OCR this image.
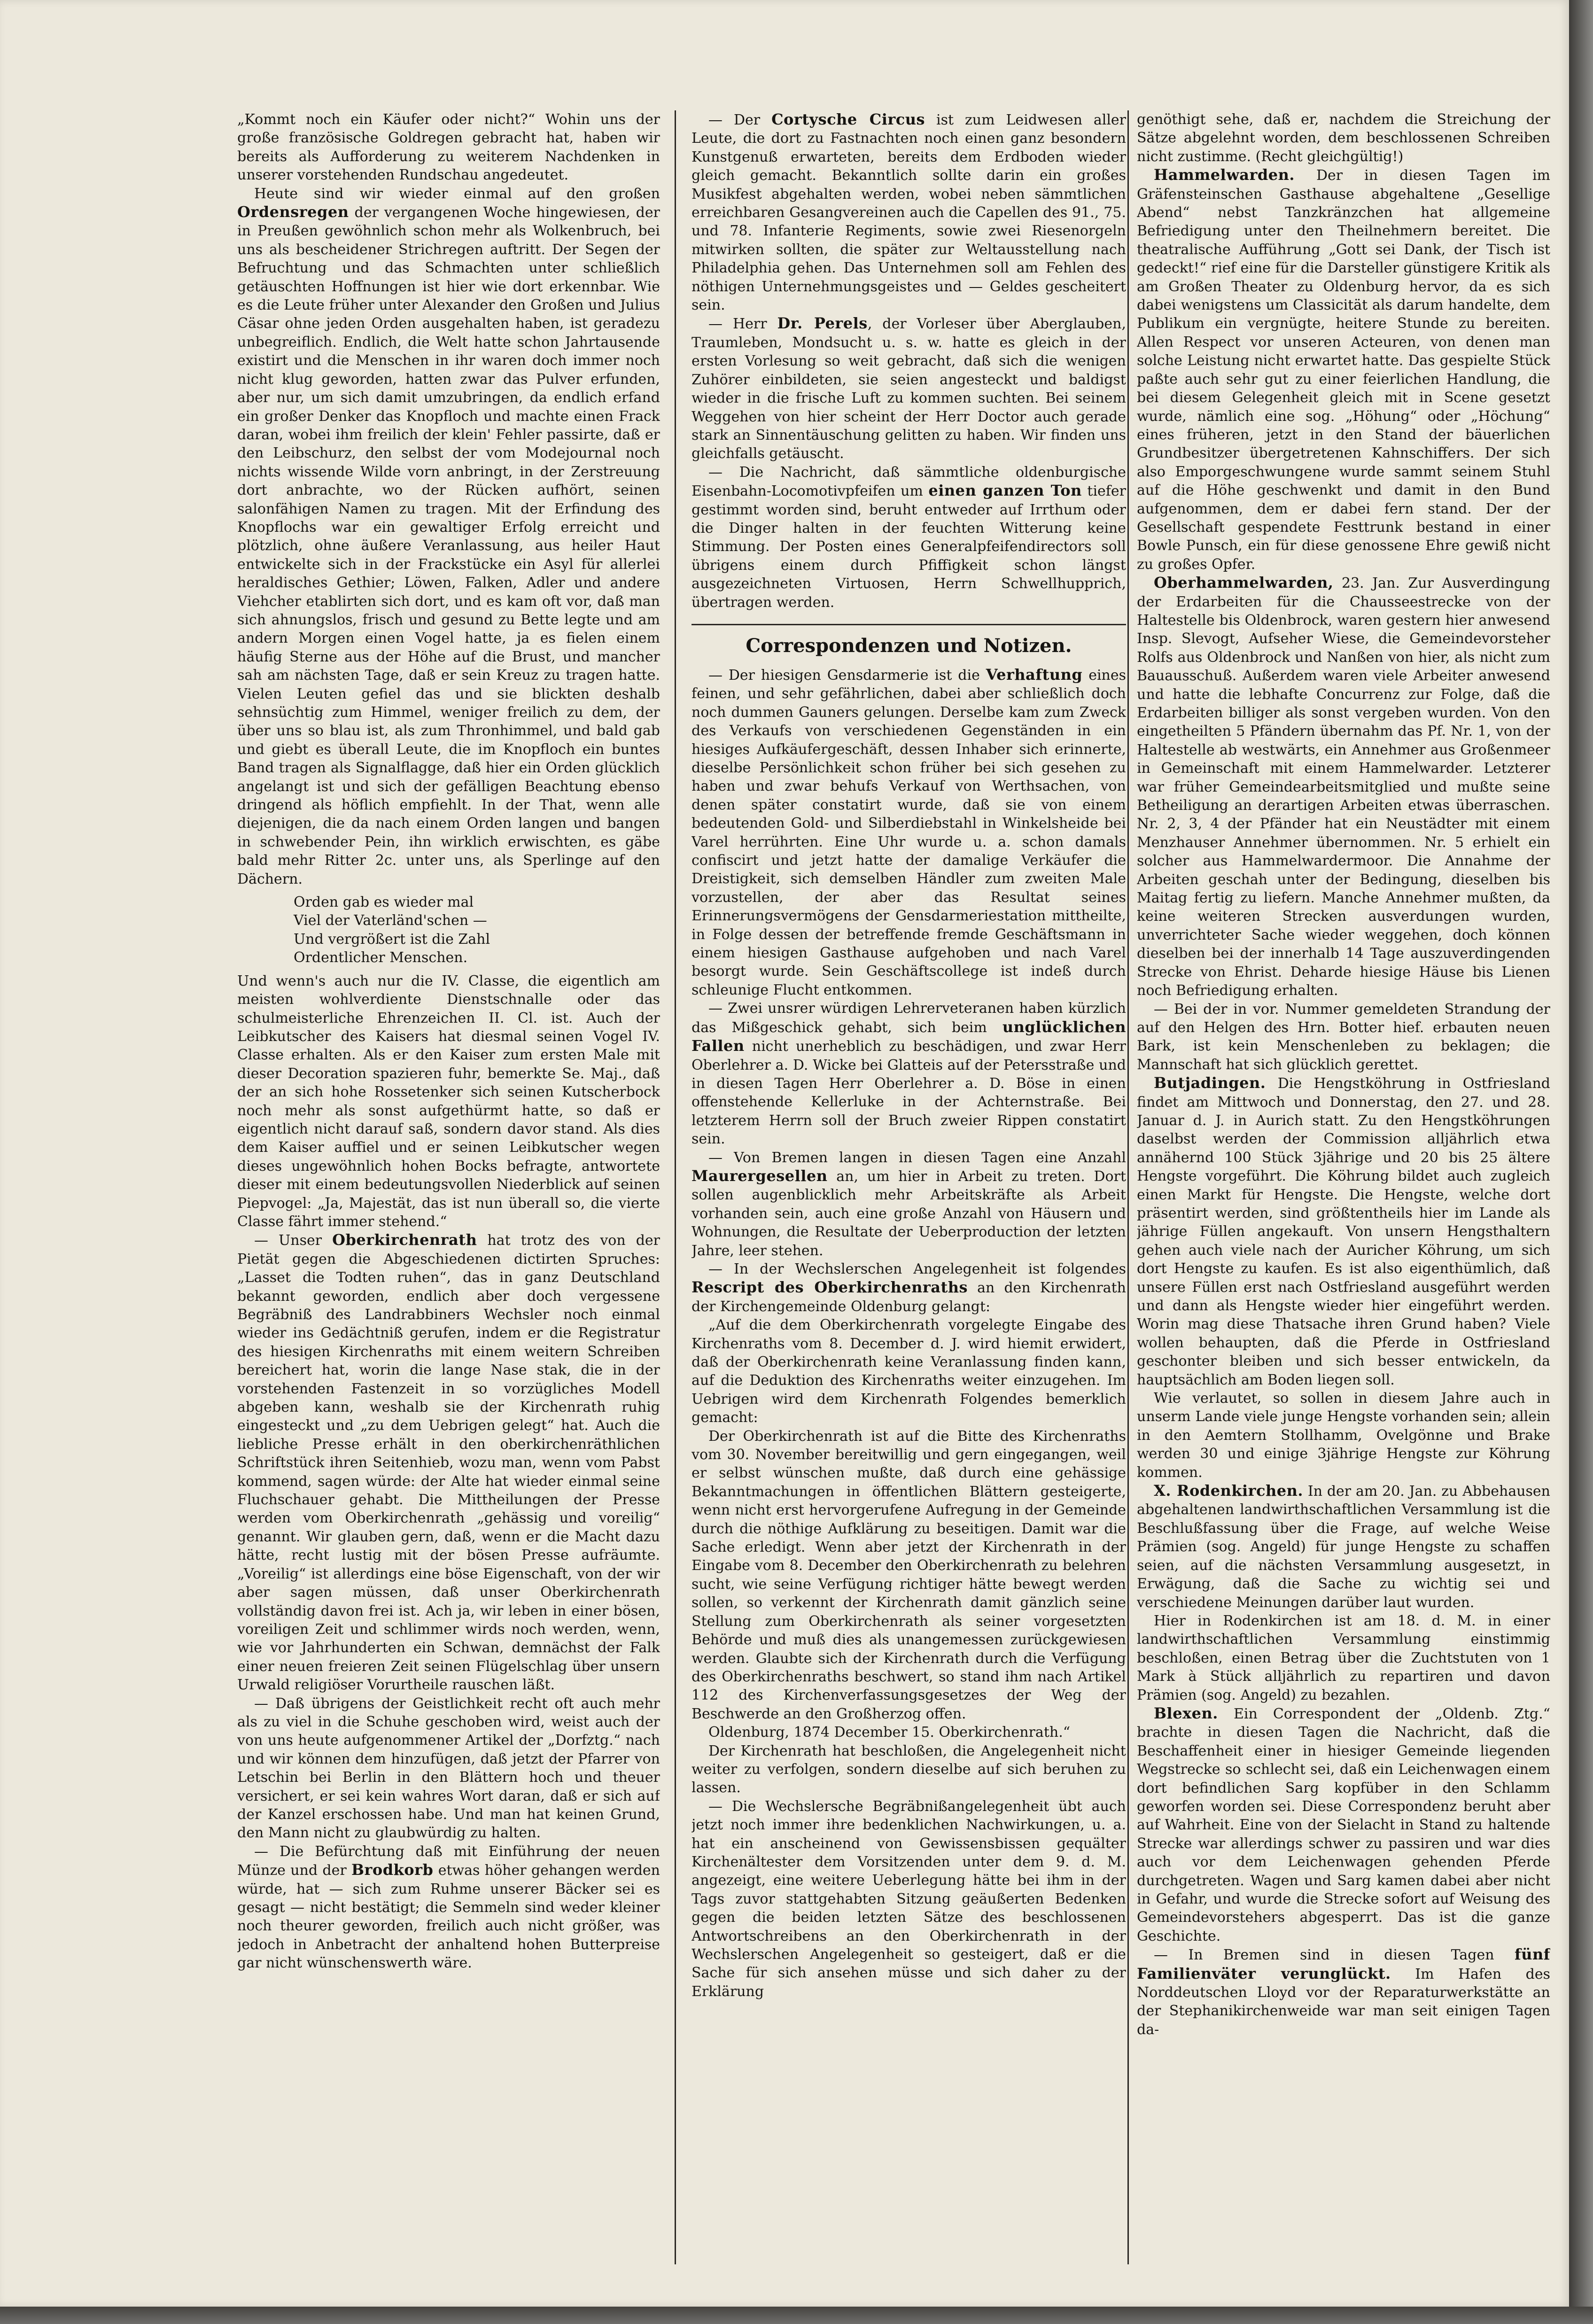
„Kommt noch ein Käufer oder nicht?“ Wohin uns der große französische Goldregen gebracht hat, haben wir bereits als Aufforderung zu weiterem Nachdenken in unserer vorstehenden Rundschau angedeutet.

Heute sind wir wieder einmal auf den großen Ordensregen der vergangenen Woche hingewiesen, der in Preußen gewöhnlich schon mehr als Wolkenbruch, bei uns als bescheidener Strichregen auftritt. Der Segen der Befruchtung und das Schmachten unter schließlich getäuschten Hoffnungen ist hier wie dort erkennbar. Wie es die Leute früher unter Alexander den Großen und Julius Cäsar ohne jeden Orden ausgehalten haben, ist geradezu unbegreiflich. Endlich, die Welt hatte schon Jahrtausende existirt und die Menschen in ihr waren doch immer noch nicht klug geworden, hatten zwar das Pulver erfunden, aber nur, um sich damit umzubringen, da endlich erfand ein großer Denker das Knopfloch und machte einen Frack daran, wobei ihm freilich der klein' Fehler passirte, daß er den Leibschurz, den selbst der vom Modejournal noch nichts wissende Wilde vorn anbringt, in der Zerstreuung dort anbrachte, wo der Rücken aufhört, seinen salonfähigen Namen zu tragen. Mit der Erfindung des Knopflochs war ein gewaltiger Erfolg erreicht und plötzlich, ohne äußere Veranlassung, aus heiler Haut entwickelte sich in der Frackstücke ein Asyl für allerlei heraldisches Gethier; Löwen, Falken, Adler und andere Viehcher etablirten sich dort, und es kam oft vor, daß man sich ahnungslos, frisch und gesund zu Bette legte und am andern Morgen einen Vogel hatte, ja es fielen einem häufig Sterne aus der Höhe auf die Brust, und mancher sah am nächsten Tage, daß er sein Kreuz zu tragen hatte. Vielen Leuten gefiel das und sie blickten deshalb sehnsüchtig zum Himmel, weniger freilich zu dem, der über uns so blau ist, als zum Thronhimmel, und bald gab und giebt es überall Leute, die im Knopfloch ein buntes Band tragen als Signalflagge, daß hier ein Orden glücklich angelangt ist und sich der gefälligen Beachtung ebenso dringend als höflich empfiehlt. In der That, wenn alle diejenigen, die da nach einem Orden langen und bangen in schwebender Pein, ihn wirklich erwischten, es gäbe bald mehr Ritter 2c. unter uns, als Sperlinge auf den Dächern.

Orden gab es wieder mal
Viel der Vaterländ'schen —
Und vergrößert ist die Zahl
Ordentlicher Menschen.

Und wenn's auch nur die IV. Classe, die eigentlich am meisten wohlverdiente Dienstschnalle oder das schulmeisterliche Ehrenzeichen II. Cl. ist. Auch der Leibkutscher des Kaisers hat diesmal seinen Vogel IV. Classe erhalten. Als er den Kaiser zum ersten Male mit dieser Decoration spazieren fuhr, bemerkte Se. Maj., daß der an sich hohe Rossetenker sich seinen Kutscherbock noch mehr als sonst aufgethürmt hatte, so daß er eigentlich nicht darauf saß, sondern davor stand. Als dies dem Kaiser auffiel und er seinen Leibkutscher wegen dieses ungewöhnlich hohen Bocks befragte, antwortete dieser mit einem bedeutungsvollen Niederblick auf seinen Piepvogel: „Ja, Majestät, das ist nun überall so, die vierte Classe fährt immer stehend.“

— Unser Oberkirchenrath hat trotz des von der Pietät gegen die Abgeschiedenen dictirten Spruches: „Lasset die Todten ruhen“, das in ganz Deutschland bekannt geworden, endlich aber doch vergessene Begräbniß des Landrabbiners Wechsler noch einmal wieder ins Gedächtniß gerufen, indem er die Registratur des hiesigen Kirchenraths mit einem weitern Schreiben bereichert hat, worin die lange Nase stak, die in der vorstehenden Fastenzeit in so vorzügliches Modell abgeben kann, weshalb sie der Kirchenrath ruhig eingesteckt und „zu dem Uebrigen gelegt“ hat. Auch die liebliche Presse erhält in den oberkirchenräthlichen Schriftstück ihren Seitenhieb, wozu man, wenn vom Pabst kommend, sagen würde: der Alte hat wieder einmal seine Fluchschauer gehabt. Die Mittheilungen der Presse werden vom Oberkirchenrath „gehässig und voreilig“ genannt. Wir glauben gern, daß, wenn er die Macht dazu hätte, recht lustig mit der bösen Presse aufräumte. „Voreilig“ ist allerdings eine böse Eigenschaft, von der wir aber sagen müssen, daß unser Oberkirchenrath vollständig davon frei ist. Ach ja, wir leben in einer bösen, voreiligen Zeit und schlimmer wirds noch werden, wenn, wie vor Jahrhunderten ein Schwan, demnächst der Falk einer neuen freieren Zeit seinen Flügelschlag über unsern Urwald religiöser Vorurtheile rauschen läßt.

— Daß übrigens der Geistlichkeit recht oft auch mehr als zu viel in die Schuhe geschoben wird, weist auch der von uns heute aufgenommener Artikel der „Dorfztg.“ nach und wir können dem hinzufügen, daß jetzt der Pfarrer von Letschin bei Berlin in den Blättern hoch und theuer versichert, er sei kein wahres Wort daran, daß er sich auf der Kanzel erschossen habe. Und man hat keinen Grund, den Mann nicht zu glaubwürdig zu halten.

— Die Befürchtung daß mit Einführung der neuen Münze und der Brodkorb etwas höher gehangen werden würde, hat — sich zum Ruhme unserer Bäcker sei es gesagt — nicht bestätigt; die Semmeln sind weder kleiner noch theurer geworden, freilich auch nicht größer, was jedoch in Anbetracht der anhaltend hohen Butterpreise gar nicht wünschenswerth wäre.

— Der Cortysche Circus ist zum Leidwesen aller Leute, die dort zu Fastnachten noch einen ganz besondern Kunstgenuß erwarteten, bereits dem Erdboden wieder gleich gemacht. Bekanntlich sollte darin ein großes Musikfest abgehalten werden, wobei neben sämmtlichen erreichbaren Gesangvereinen auch die Capellen des 91., 75. und 78. Infanterie Regiments, sowie zwei Riesenorgeln mitwirken sollten, die später zur Weltausstellung nach Philadelphia gehen. Das Unternehmen soll am Fehlen des nöthigen Unternehmungsgeistes und — Geldes gescheitert sein.

— Herr Dr. Perels, der Vorleser über Aberglauben, Traumleben, Mondsucht u. s. w. hatte es gleich in der ersten Vorlesung so weit gebracht, daß sich die wenigen Zuhörer einbildeten, sie seien angesteckt und baldigst wieder in die frische Luft zu kommen suchten. Bei seinem Weggehen von hier scheint der Herr Doctor auch gerade stark an Sinnentäuschung gelitten zu haben. Wir finden uns gleichfalls getäuscht.

— Die Nachricht, daß sämmtliche oldenburgische Eisenbahn-Locomotivpfeifen um einen ganzen Ton tiefer gestimmt worden sind, beruht entweder auf Irrthum oder die Dinger halten in der feuchten Witterung keine Stimmung. Der Posten eines Generalpfeifendirectors soll übrigens einem durch Pfiffigkeit schon längst ausgezeichneten Virtuosen, Herrn Schwellhupprich, übertragen werden.

Correspondenzen und Notizen.

— Der hiesigen Gensdarmerie ist die Verhaftung eines feinen, und sehr gefährlichen, dabei aber schließlich doch noch dummen Gauners gelungen. Derselbe kam zum Zweck des Verkaufs von verschiedenen Gegenständen in ein hiesiges Aufkäufergeschäft, dessen Inhaber sich erinnerte, dieselbe Persönlichkeit schon früher bei sich gesehen zu haben und zwar behufs Verkauf von Werthsachen, von denen später constatirt wurde, daß sie von einem bedeutenden Gold- und Silberdiebstahl in Winkelsheide bei Varel herrührten. Eine Uhr wurde u. a. schon damals confiscirt und jetzt hatte der damalige Verkäufer die Dreistigkeit, sich demselben Händler zum zweiten Male vorzustellen, der aber das Resultat seines Erinnerungsvermögens der Gensdarmeriestation mittheilte, in Folge dessen der betreffende fremde Geschäftsmann in einem hiesigen Gasthause aufgehoben und nach Varel besorgt wurde. Sein Geschäftscollege ist indeß durch schleunige Flucht entkommen.

— Zwei unsrer würdigen Lehrerveteranen haben kürzlich das Mißgeschick gehabt, sich beim unglücklichen Fallen nicht unerheblich zu beschädigen, und zwar Herr Oberlehrer a. D. Wicke bei Glatteis auf der Petersstraße und in diesen Tagen Herr Oberlehrer a. D. Böse in einen offenstehende Kellerluke in der Achternstraße. Bei letzterem Herrn soll der Bruch zweier Rippen constatirt sein.

— Von Bremen langen in diesen Tagen eine Anzahl Maurergesellen an, um hier in Arbeit zu treten. Dort sollen augenblicklich mehr Arbeitskräfte als Arbeit vorhanden sein, auch eine große Anzahl von Häusern und Wohnungen, die Resultate der Ueberproduction der letzten Jahre, leer stehen.

— In der Wechslerschen Angelegenheit ist folgendes Rescript des Oberkirchenraths an den Kirchenrath der Kirchengemeinde Oldenburg gelangt:

„Auf die dem Oberkirchenrath vorgelegte Eingabe des Kirchenraths vom 8. December d. J. wird hiemit erwidert, daß der Oberkirchenrath keine Veranlassung finden kann, auf die Deduktion des Kirchenraths weiter einzugehen. Im Uebrigen wird dem Kirchenrath Folgendes bemerklich gemacht:

Der Oberkirchenrath ist auf die Bitte des Kirchenraths vom 30. November bereitwillig und gern eingegangen, weil er selbst wünschen mußte, daß durch eine gehässige Bekanntmachungen in öffentlichen Blättern gesteigerte, wenn nicht erst hervorgerufene Aufregung in der Gemeinde durch die nöthige Aufklärung zu beseitigen. Damit war die Sache erledigt. Wenn aber jetzt der Kirchenrath in der Eingabe vom 8. December den Oberkirchenrath zu belehren sucht, wie seine Verfügung richtiger hätte bewegt werden sollen, so verkennt der Kirchenrath damit gänzlich seine Stellung zum Oberkirchenrath als seiner vorgesetzten Behörde und muß dies als unangemessen zurückgewiesen werden. Glaubte sich der Kirchenrath durch die Verfügung des Oberkirchenraths beschwert, so stand ihm nach Artikel 112 des Kirchenverfassungsgesetzes der Weg der Beschwerde an den Großherzog offen.

Oldenburg, 1874 December 15. Oberkirchenrath.“

Der Kirchenrath hat beschloßen, die Angelegenheit nicht weiter zu verfolgen, sondern dieselbe auf sich beruhen zu lassen.

— Die Wechslersche Begräbnißangelegenheit übt auch jetzt noch immer ihre bedenklichen Nachwirkungen, u. a. hat ein anscheinend von Gewissensbissen gequälter Kirchenältester dem Vorsitzenden unter dem 9. d. M. angezeigt, eine weitere Ueberlegung hätte bei ihm in der Tags zuvor stattgehabten Sitzung geäußerten Bedenken gegen die beiden letzten Sätze des beschlossenen Antwortschreibens an den Oberkirchenrath in der Wechslerschen Angelegenheit so gesteigert, daß er die Sache für sich ansehen müsse und sich daher zu der Erklärung

genöthigt sehe, daß er, nachdem die Streichung der Sätze abgelehnt worden, dem beschlossenen Schreiben nicht zustimme. (Recht gleichgültig!)

Hammelwarden. Der in diesen Tagen im Gräfensteinschen Gasthause abgehaltene „Gesellige Abend“ nebst Tanzkränzchen hat allgemeine Befriedigung unter den Theilnehmern bereitet. Die theatralische Aufführung „Gott sei Dank, der Tisch ist gedeckt!“ rief eine für die Darsteller günstigere Kritik als am Großen Theater zu Oldenburg hervor, da es sich dabei wenigstens um Classicität als darum handelte, dem Publikum ein vergnügte, heitere Stunde zu bereiten. Allen Respect vor unseren Acteuren, von denen man solche Leistung nicht erwartet hatte. Das gespielte Stück paßte auch sehr gut zu einer feierlichen Handlung, die bei diesem Gelegenheit gleich mit in Scene gesetzt wurde, nämlich eine sog. „Höhung“ oder „Höchung“ eines früheren, jetzt in den Stand der bäuerlichen Grundbesitzer übergetretenen Kahnschiffers. Der sich also Emporgeschwungene wurde sammt seinem Stuhl auf die Höhe geschwenkt und damit in den Bund aufgenommen, dem er dabei fern stand. Der der Gesellschaft gespendete Festtrunk bestand in einer Bowle Punsch, ein für diese genossene Ehre gewiß nicht zu großes Opfer.

Oberhammelwarden, 23. Jan. Zur Ausverdingung der Erdarbeiten für die Chausseestrecke von der Haltestelle bis Oldenbrock, waren gestern hier anwesend Insp. Slevogt, Aufseher Wiese, die Gemeindevorsteher Rolfs aus Oldenbrock und Nanßen von hier, als nicht zum Bauausschuß. Außerdem waren viele Arbeiter anwesend und hatte die lebhafte Concurrenz zur Folge, daß die Erdarbeiten billiger als sonst vergeben wurden. Von den eingetheilten 5 Pfändern übernahm das Pf. Nr. 1, von der Haltestelle ab westwärts, ein Annehmer aus Großenmeer in Gemeinschaft mit einem Hammelwarder. Letzterer war früher Gemeindearbeitsmitglied und mußte seine Betheiligung an derartigen Arbeiten etwas überraschen. Nr. 2, 3, 4 der Pfänder hat ein Neustädter mit einem Menzhauser Annehmer übernommen. Nr. 5 erhielt ein solcher aus Hammelwardermoor. Die Annahme der Arbeiten geschah unter der Bedingung, dieselben bis Maitag fertig zu liefern. Manche Annehmer mußten, da keine weiteren Strecken ausverdungen wurden, unverrichteter Sache wieder weggehen, doch können dieselben bei der innerhalb 14 Tage auszuverdingenden Strecke von Ehrist. Deharde hiesige Häuse bis Lienen noch Befriedigung erhalten.

— Bei der in vor. Nummer gemeldeten Strandung der auf den Helgen des Hrn. Botter hief. erbauten neuen Bark, ist kein Menschenleben zu beklagen; die Mannschaft hat sich glücklich gerettet.

Butjadingen. Die Hengstköhrung in Ostfriesland findet am Mittwoch und Donnerstag, den 27. und 28. Januar d. J. in Aurich statt. Zu den Hengstköhrungen daselbst werden der Commission alljährlich etwa annähernd 100 Stück 3jährige und 20 bis 25 ältere Hengste vorgeführt. Die Köhrung bildet auch zugleich einen Markt für Hengste. Die Hengste, welche dort präsentirt werden, sind größtentheils hier im Lande als jährige Füllen angekauft. Von unsern Hengsthaltern gehen auch viele nach der Auricher Köhrung, um sich dort Hengste zu kaufen. Es ist also eigenthümlich, daß unsere Füllen erst nach Ostfriesland ausgeführt werden und dann als Hengste wieder hier eingeführt werden. Worin mag diese Thatsache ihren Grund haben? Viele wollen behaupten, daß die Pferde in Ostfriesland geschonter bleiben und sich besser entwickeln, da hauptsächlich am Boden liegen soll.

Wie verlautet, so sollen in diesem Jahre auch in unserm Lande viele junge Hengste vorhanden sein; allein in den Aemtern Stollhamm, Ovelgönne und Brake werden 30 und einige 3jährige Hengste zur Köhrung kommen.

X. Rodenkirchen. In der am 20. Jan. zu Abbehausen abgehaltenen landwirthschaftlichen Versammlung ist die Beschlußfassung über die Frage, auf welche Weise Prämien (sog. Angeld) für junge Hengste zu schaffen seien, auf die nächsten Versammlung ausgesetzt, in Erwägung, daß die Sache zu wichtig sei und verschiedene Meinungen darüber laut wurden.

Hier in Rodenkirchen ist am 18. d. M. in einer landwirthschaftlichen Versammlung einstimmig beschloßen, einen Betrag über die Zuchtstuten von 1 Mark à Stück alljährlich zu repartiren und davon Prämien (sog. Angeld) zu bezahlen.

Blexen. Ein Correspondent der „Oldenb. Ztg.“ brachte in diesen Tagen die Nachricht, daß die Beschaffenheit einer in hiesiger Gemeinde liegenden Wegstrecke so schlecht sei, daß ein Leichenwagen einem dort befindlichen Sarg kopfüber in den Schlamm geworfen worden sei. Diese Correspondenz beruht aber auf Wahrheit. Eine von der Sielacht in Stand zu haltende Strecke war allerdings schwer zu passiren und war dies auch vor dem Leichenwagen gehenden Pferde durchgetreten. Wagen und Sarg kamen dabei aber nicht in Gefahr, und wurde die Strecke sofort auf Weisung des Gemeindevorstehers abgesperrt. Das ist die ganze Geschichte.

— In Bremen sind in diesen Tagen fünf Familienväter verunglückt. Im Hafen des Norddeutschen Lloyd vor der Reparaturwerkstätte an der Stephanikirchenweide war man seit einigen Tagen da-
